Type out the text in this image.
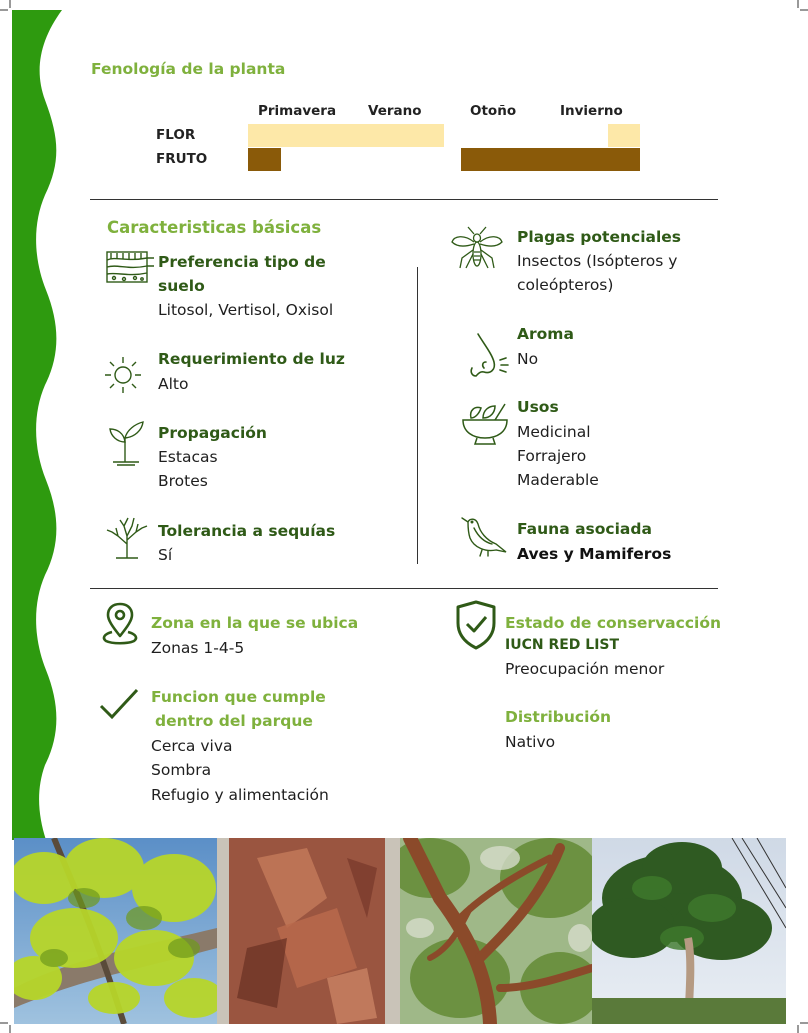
Fenología de la planta
Primavera Verano	Otoño	Invierno
FLOR
FRUTO
Caracteristicas básicas
Preferencia tipo de
suelo
Litosol, Vertisol, Oxisol
Requerimiento de luz
Alto
Propagación
Estacas
Brotes
Tolerancia a sequías
Sí
Plagas potenciales
Insectos (Isópteros y
coleópteros)
Aroma
No
Usos
Medicinal
Forrajero
Maderable
Fauna asociada
Aves y Mamiferos
Zona en la que se ubica
Zonas 1-4-5
Funcion que cumple
dentro del parque
Cerca viva
Sombra
Refugio y alimentación
Estado de conservacción
IUCN RED LIST
Preocupación menor
Distribución
Nativo
